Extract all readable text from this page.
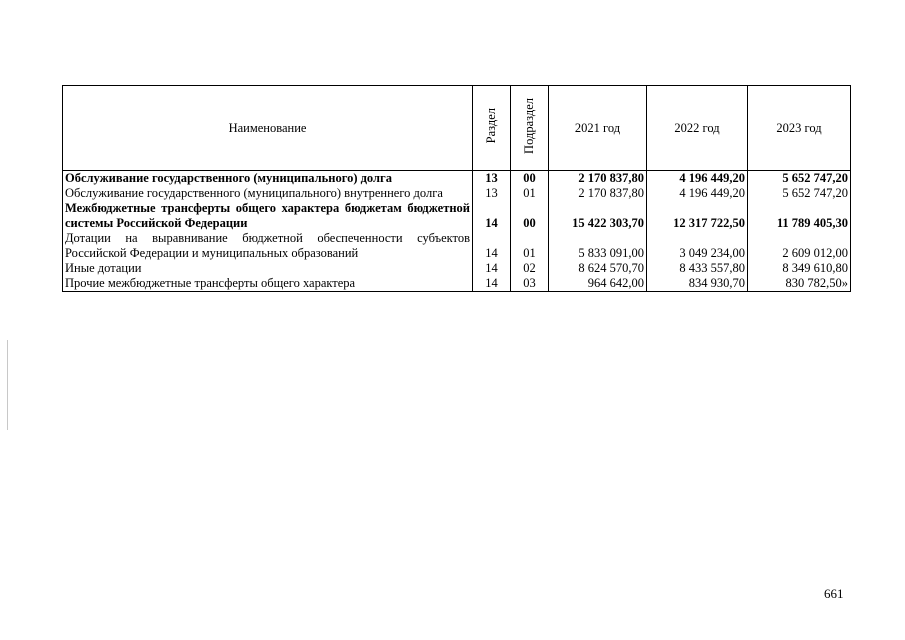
Наименование	Раздел	Подраздел	2021 год	2022 год	2023 год
Обслуживание государственного (муниципального) долга	13	00	2 170 837,80	4 196 449,20	5 652 747,20
Обслуживание государственного (муниципального) внутреннего долга	13	01	2 170 837,80	4 196 449,20	5 652 747,20
Межбюджетные трансферты общего характера бюджетам бюджетной системы Российской Федерации	14	00	15 422 303,70	12 317 722,50	11 789 405,30
Дотации на выравнивание бюджетной обеспеченности субъектов Российской Федерации и муниципальных образований	14	01	5 833 091,00	3 049 234,00	2 609 012,00
Иные дотации	14	02	8 624 570,70	8 433 557,80	8 349 610,80
Прочие межбюджетные трансферты общего характера	14	03	964 642,00	834 930,70	830 782,50»
661
